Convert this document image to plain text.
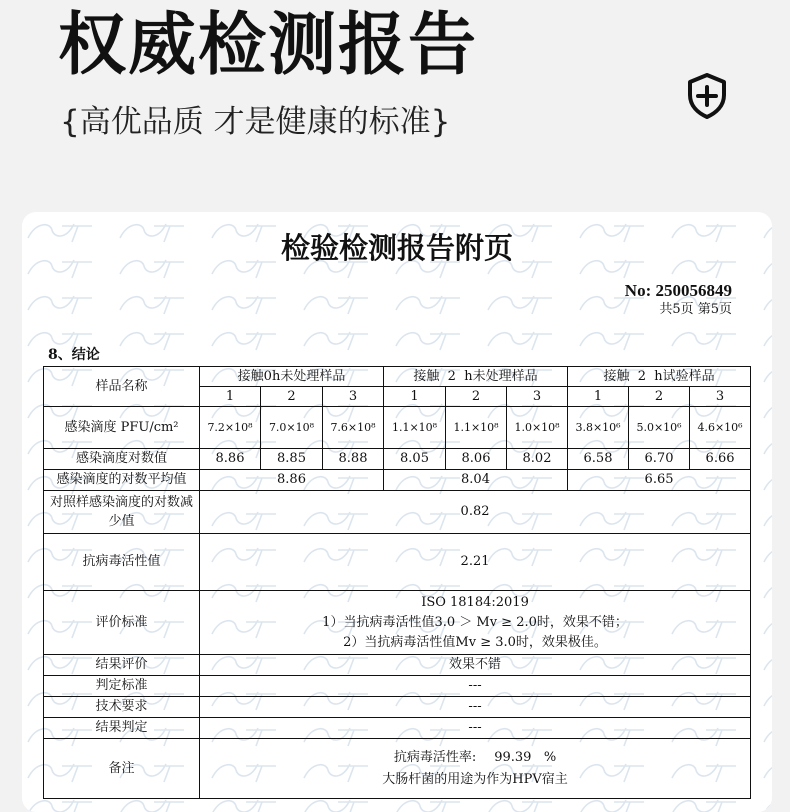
权威检测报告
{高优品质 才是健康的标准}
检验检测报告附页
No: 250056849
共5页 第5页
8、结论
样品名称	接触0h未处理样品			接触  2  h未处理样品			接触  2  h试验样品		
	1	2	3	1	2	3	1	2	3
感染滴度 PFU/cm²	7.2×10⁸	7.0×10⁸	7.6×10⁸	1.1×10⁸	1.1×10⁸	1.0×10⁸	3.8×10⁶	5.0×10⁶	4.6×10⁶
感染滴度对数值	8.86	8.85	8.88	8.05	8.06	8.02	6.58	6.70	6.66
感染滴度的对数平均值	8.86			8.04			6.65		
对照样感染滴度的对数减少值	0.82								
抗病毒活性值	2.21								
评价标准	ISO 18184:2019
1）当抗病毒活性值3.0 ＞ Mv ≥ 2.0时，效果不错；
2）当抗病毒活性值Mv ≥ 3.0时，效果极佳。								

结果评价	效果不错								
判定标准	---								
技术要求	---								
结果判定	---								
备注	抗病毒活性率: 99.39   %
大肠杆菌的用途为作为HPV宿主								
